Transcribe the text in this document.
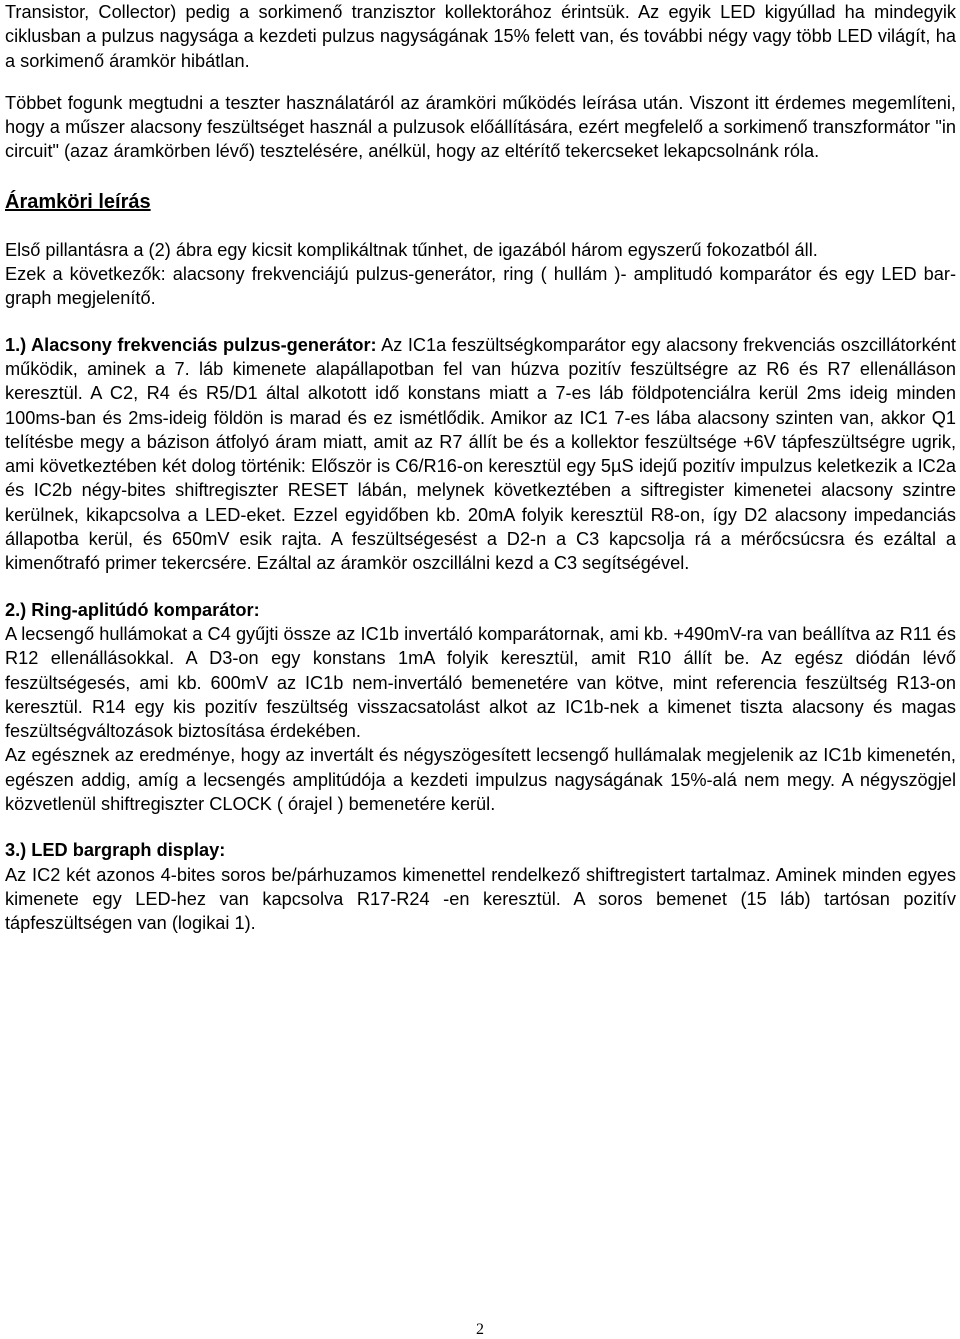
Transistor, Collector) pedig a sorkimenő tranzisztor kollektorához érintsük. Az egyik LED kigyúllad ha mindegyik ciklusban a pulzus nagysága a kezdeti pulzus nagyságának 15% felett van, és további négy vagy több LED világít, ha a sorkimenő áramkör hibátlan.

Többet fogunk megtudni a teszter használatáról az áramköri működés leírása után. Viszont itt érdemes megemlíteni, hogy a műszer alacsony feszültséget használ a pulzusok előállítására, ezért megfelelő a sorkimenő transzformátor "in circuit" (azaz áramkörben lévő) tesztelésére, anélkül, hogy az eltérítő tekercseket lekapcsolnánk róla.

Áramköri leírás

Első pillantásra a (2) ábra egy kicsit komplikáltnak tűnhet, de igazából három egyszerű fokozatból áll.

Ezek a következők: alacsony frekvenciájú pulzus-generátor, ring ( hullám )- amplitudó komparátor és egy LED bar-graph megjelenítő.

1.) Alacsony frekvenciás pulzus-generátor: Az IC1a feszültségkomparátor egy alacsony frekvenciás oszcillátorként működik, aminek a 7. láb kimenete alapállapotban fel van húzva pozitív feszültségre az R6 és R7 ellenálláson keresztül. A C2, R4 és R5/D1 által alkotott idő konstans miatt a 7-es láb földpotenciálra kerül 2ms ideig minden 100ms-ban és 2ms-ideig földön is marad és ez ismétlődik. Amikor az IC1 7-es lába alacsony szinten van, akkor Q1 telítésbe megy a bázison átfolyó áram miatt, amit az R7 állít be és a kollektor feszültsége +6V tápfeszültségre ugrik, ami következtében két dolog történik: Először is C6/R16-on keresztül egy 5µS idejű pozitív impulzus keletkezik a IC2a és IC2b négy-bites shiftregiszter RESET lábán, melynek következtében a siftregister kimenetei alacsony szintre kerülnek, kikapcsolva a LED-eket. Ezzel egyidőben kb. 20mA folyik keresztül R8-on, így D2 alacsony impedanciás állapotba kerül, és 650mV esik rajta. A feszültségesést a D2-n a C3 kapcsolja rá a mérőcsúcsra és ezáltal a kimenőtrafó primer tekercsére. Ezáltal az áramkör oszcillálni kezd a C3 segítségével.

2.) Ring-aplitúdó komparátor:

A lecsengő hullámokat a C4 gyűjti össze az IC1b invertáló komparátornak, ami kb. +490mV-ra van beállítva az R11 és R12 ellenállásokkal. A D3-on egy konstans 1mA folyik keresztül, amit R10 állít be. Az egész diódán lévő feszültségesés, ami kb. 600mV az IC1b nem-invertáló bemenetére van kötve, mint referencia feszültség R13-on keresztül. R14 egy kis pozitív feszültség visszacsatolást alkot az IC1b-nek a kimenet tiszta alacsony és magas feszültségváltozások biztosítása érdekében.

Az egésznek az eredménye, hogy az invertált és négyszögesített lecsengő hullámalak megjelenik az IC1b kimenetén, egészen addig, amíg a lecsengés amplitúdója a kezdeti impulzus nagyságának 15%-alá nem megy. A négyszögjel közvetlenül shiftregiszter CLOCK ( órajel ) bemenetére kerül.

3.) LED bargraph display:

Az IC2 két azonos 4-bites soros be/párhuzamos kimenettel rendelkező shiftregistert tartalmaz. Aminek minden egyes kimenete egy LED-hez van kapcsolva R17-R24 -en keresztül. A soros bemenet (15 láb) tartósan pozitív tápfeszültségen van (logikai 1).

2
